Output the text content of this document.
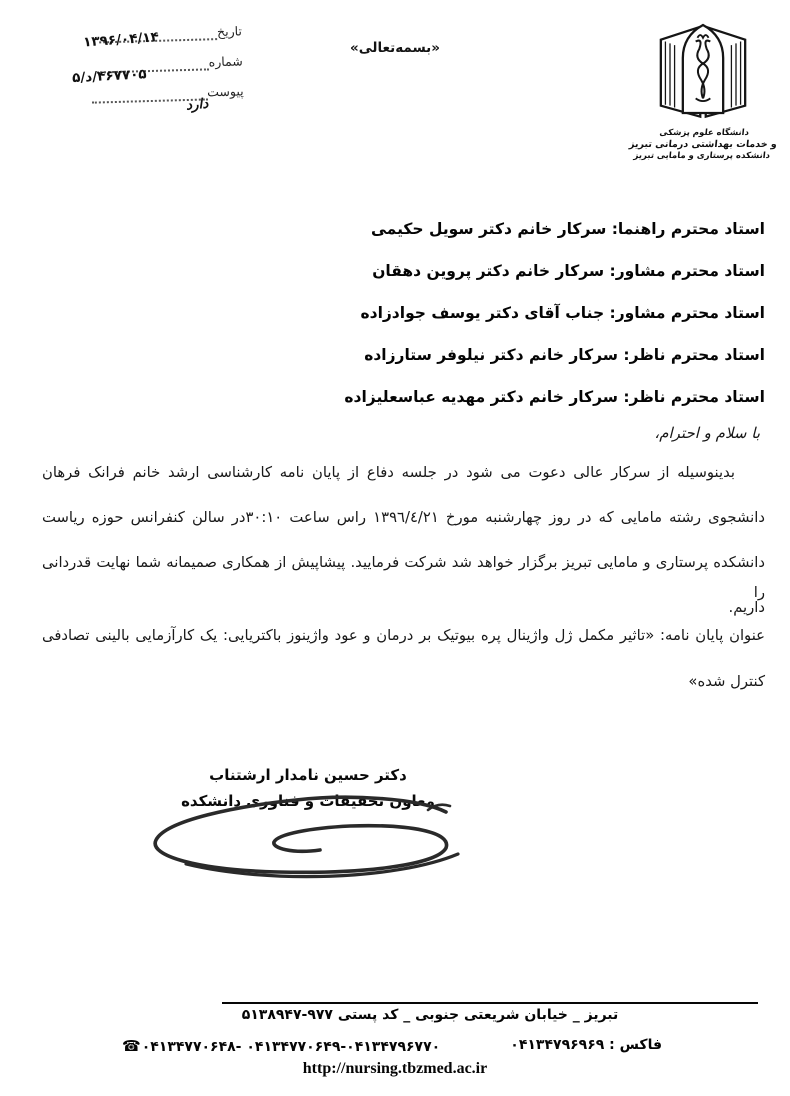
تاریخ
۱۳۹۶/۰۴/۱۴
شماره
۴۶۷۷۰۵/د/۵
پیوست
دارد
«بسمه‌تعالی»
دانشگاه علوم پزشکی
و خدمات بهداشتی درمانی تبریز
دانشکده پرستاری و مامایی تبریز
استاد محترم راهنما: سرکار خانم دکتر سویل حکیمی
استاد محترم مشاور: سرکار خانم دکتر پروین دهقان
استاد محترم مشاور: جناب آقای دکتر یوسف جوادزاده
استاد محترم ناظر: سرکار خانم دکتر نیلوفر ستارزاده
استاد محترم ناظر: سرکار خانم دکتر مهدیه عباسعلیزاده
با سلام و احترام،
بدینوسیله از سرکار عالی دعوت می شود در جلسه دفاع از پایان نامه کارشناسی ارشد خانم فرانک فرهان
دانشجوی رشته مامایی که در روز چهارشنبه مورخ ۱۳۹٦/٤/۲۱ راس ساعت ۳۰:۱۰در سالن کنفرانس حوزه ریاست
دانشکده پرستاری و مامایی تبریز برگزار خواهد شد شرکت فرمایید. پیشاپیش از همکاری صمیمانه شما نهایت قدردانی را
داریم.
عنوان پایان نامه: «تاثیر مکمل ژل واژینال پره بیوتیک بر درمان و عود واژینوز باکتریایی: یک کارآزمایی بالینی تصادفی
کنترل شده»
دکتر حسین نامدار ارشتناب
معاون تحقیقات و فناوری دانشکده
تبریز _ خیابان شریعتی جنوبی _ کد پستی ۹۷۷-۵۱۳۸۹۴۷
☎۰۴۱۳۴۷۷۰۶۴۸- ۰۴۱۳۴۷۷۰۶۴۹-۰۴۱۳۴۷۹۶۷۷۰	فاکس : ۰۴۱۳۴۷۹۶۹۶۹
http://nursing.tbzmed.ac.ir
